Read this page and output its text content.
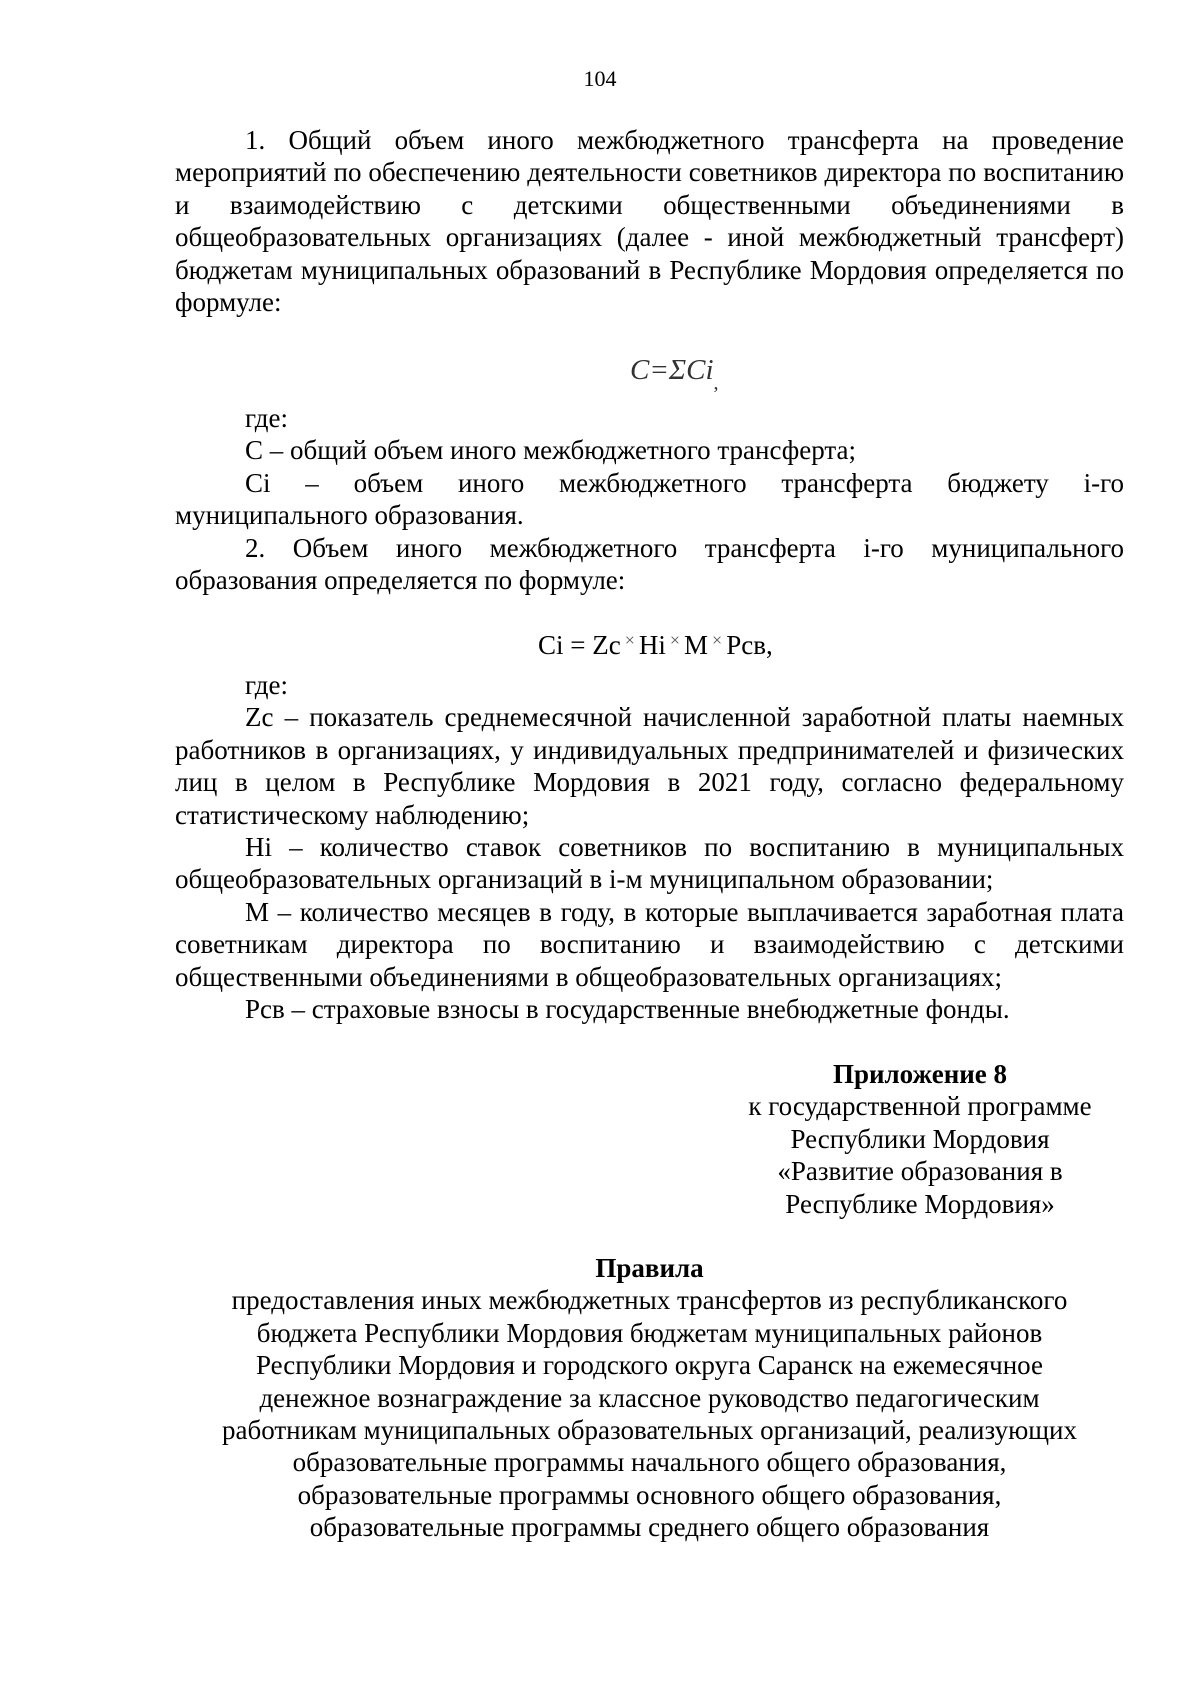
104

1. Общий объем иного межбюджетного трансферта на проведение мероприятий по обеспечению деятельности советников директора по воспитанию и взаимодействию с детскими общественными объединениями в общеобразовательных организациях (далее - иной межбюджетный трансферт) бюджетам муниципальных образований в Республике Мордовия определяется по формуле:

C=ΣCi$_,$

где:

С – общий объем иного межбюджетного трансферта;

Ci – объем иного межбюджетного трансферта бюджету i-го муниципального образования.

2. Объем иного межбюджетного трансферта i-го муниципального образования определяется по формуле:

Ci = Zc × Hi × M × Рсв,

где:

Zc – показатель среднемесячной начисленной заработной платы наемных работников в организациях, у индивидуальных предпринимателей и физических лиц в целом в Республике Мордовия в 2021 году, согласно федеральному статистическому наблюдению;

Hi – количество ставок советников по воспитанию в муниципальных общеобразовательных организаций в i-м муниципальном образовании;

М – количество месяцев в году, в которые выплачивается заработная плата советникам директора по воспитанию и взаимодействию с детскими общественными объединениями в общеобразовательных организациях;

Рсв – страховые взносы в государственные внебюджетные фонды.

Приложение 8
к государственной программе
Республики Мордовия
«Развитие образования в
Республике Мордовия»
Правила
предоставления иных межбюджетных трансфертов из республиканского
бюджета Республики Мордовия бюджетам муниципальных районов
Республики Мордовия и городского округа Саранск на ежемесячное
денежное вознаграждение за классное руководство педагогическим
работникам муниципальных образовательных организаций, реализующих
образовательные программы начального общего образования,
образовательные программы основного общего образования,
образовательные программы среднего общего образования
